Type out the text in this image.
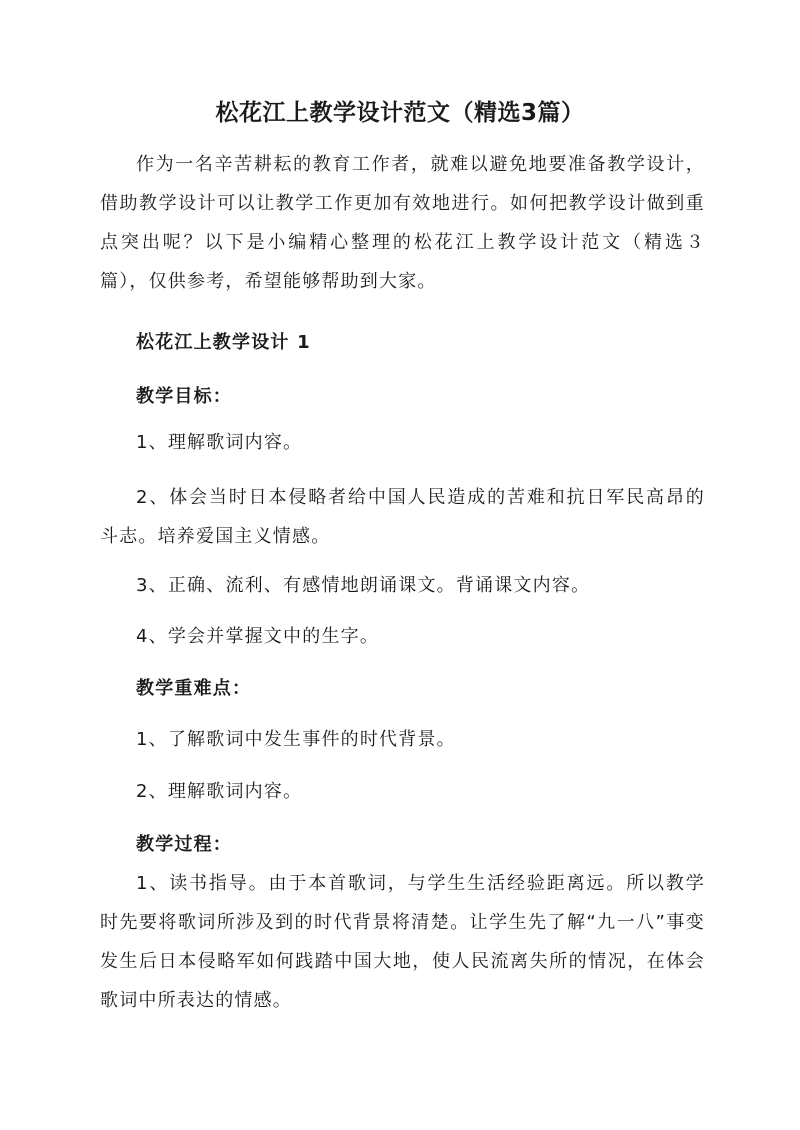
松花江上教学设计范文（精选3篇）
作为一名辛苦耕耘的教育工作者，就难以避免地要准备教学设计，借助教学设计可以让教学工作更加有效地进行。如何把教学设计做到重点突出呢？以下是小编精心整理的松花江上教学设计范文（精选３篇），仅供参考，希望能够帮助到大家。
松花江上教学设计 1
教学目标：
1、理解歌词内容。
2、体会当时日本侵略者给中国人民造成的苦难和抗日军民高昂的斗志。培养爱国主义情感。
3、正确、流利、有感情地朗诵课文。背诵课文内容。
4、学会并掌握文中的生字。
教学重难点：
1、了解歌词中发生事件的时代背景。
2、理解歌词内容。
教学过程：
1、读书指导。由于本首歌词，与学生生活经验距离远。所以教学时先要将歌词所涉及到的时代背景将清楚。让学生先了解“九一八”事变发生后日本侵略军如何践踏中国大地，使人民流离失所的情况，在体会歌词中所表达的情感。
